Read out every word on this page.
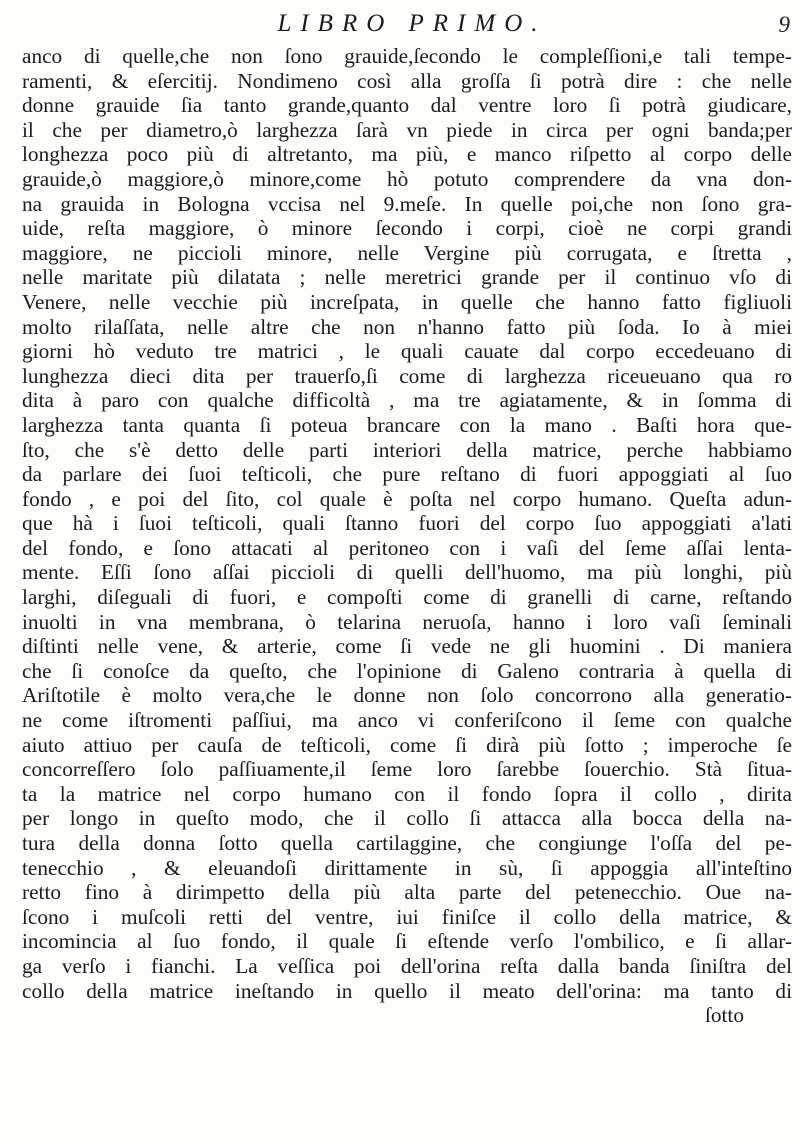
LIBRO PRIMO.	9
anco di quelle,che non ſono grauide,ſecondo le compleſſioni,e tali tempe-
ramenti, & eſercitij. Nondimeno così alla groſſa ſi potrà dire : che nelle
donne grauide ſia tanto grande,quanto dal ventre loro ſi potrà giudicare,
il che per diametro,ò larghezza ſarà vn piede in circa per ogni banda;per
longhezza poco più di altretanto, ma più, e manco riſpetto al corpo delle
grauide,ò maggiore,ò minore,come hò potuto comprendere da vna don-
na grauida in Bologna vccisa nel 9.meſe. In quelle poi,che non ſono gra-
uide, reſta maggiore, ò minore ſecondo i corpi, cioè ne corpi grandi
maggiore, ne piccioli minore, nelle Vergine più corrugata, e ſtretta ,
nelle maritate più dilatata ; nelle meretrici grande per il continuo vſo di
Venere, nelle vecchie più increſpata, in quelle che hanno fatto figliuoli
molto rilaſſata, nelle altre che non n'hanno fatto più ſoda. Io à miei
giorni hò veduto tre matrici , le quali cauate dal corpo eccedeuano di
lunghezza dieci dita per trauerſo,ſi come di larghezza riceueuano qua ro
dita à paro con qualche difficoltà , ma tre agiatamente, & in ſomma di
larghezza tanta quanta ſi poteua brancare con la mano . Baſti hora que-
ſto, che s'è detto delle parti interiori della matrice, perche habbiamo
da parlare dei ſuoi teſticoli, che pure reſtano di fuori appoggiati al ſuo
fondo , e poi del ſito, col quale è poſta nel corpo humano. Queſta adun-
que hà i ſuoi teſticoli, quali ſtanno fuori del corpo ſuo appoggiati a'lati
del fondo, e ſono attacati al peritoneo con i vaſi del ſeme aſſai lenta-
mente. Eſſi ſono aſſai piccioli di quelli dell'huomo, ma più longhi, più
larghi, diſeguali di fuori, e compoſti come di granelli di carne, reſtando
inuolti in vna membrana, ò telarina neruoſa, hanno i loro vaſi ſeminali
diſtinti nelle vene, & arterie, come ſi vede ne gli huomini . Di maniera
che ſi conoſce da queſto, che l'opinione di Galeno contraria à quella di
Ariſtotile è molto vera,che le donne non ſolo concorrono alla generatio-
ne come iſtromenti paſſiui, ma anco vi conferiſcono il ſeme con qualche
aiuto attiuo per cauſa de teſticoli, come ſi dirà più ſotto ; imperoche ſe
concorreſſero ſolo paſſiuamente,il ſeme loro ſarebbe ſouerchio. Stà ſitua-
ta la matrice nel corpo humano con il fondo ſopra il collo , dirita
per longo in queſto modo, che il collo ſi attacca alla bocca della na-
tura della donna ſotto quella cartilaggine, che congiunge l'oſſa del pe-
tenecchio , & eleuandoſi dirittamente in sù, ſi appoggia all'inteſtino
retto fino à dirimpetto della più alta parte del petenecchio. Oue na-
ſcono i muſcoli retti del ventre, iui finiſce il collo della matrice, &
incomincia al ſuo fondo, il quale ſi eſtende verſo l'ombilico, e ſi allar-
ga verſo i fianchi. La veſſica poi dell'orina reſta dalla banda ſiniſtra del
collo della matrice ineſtando in quello il meato dell'orina: ma tanto di
ſotto
